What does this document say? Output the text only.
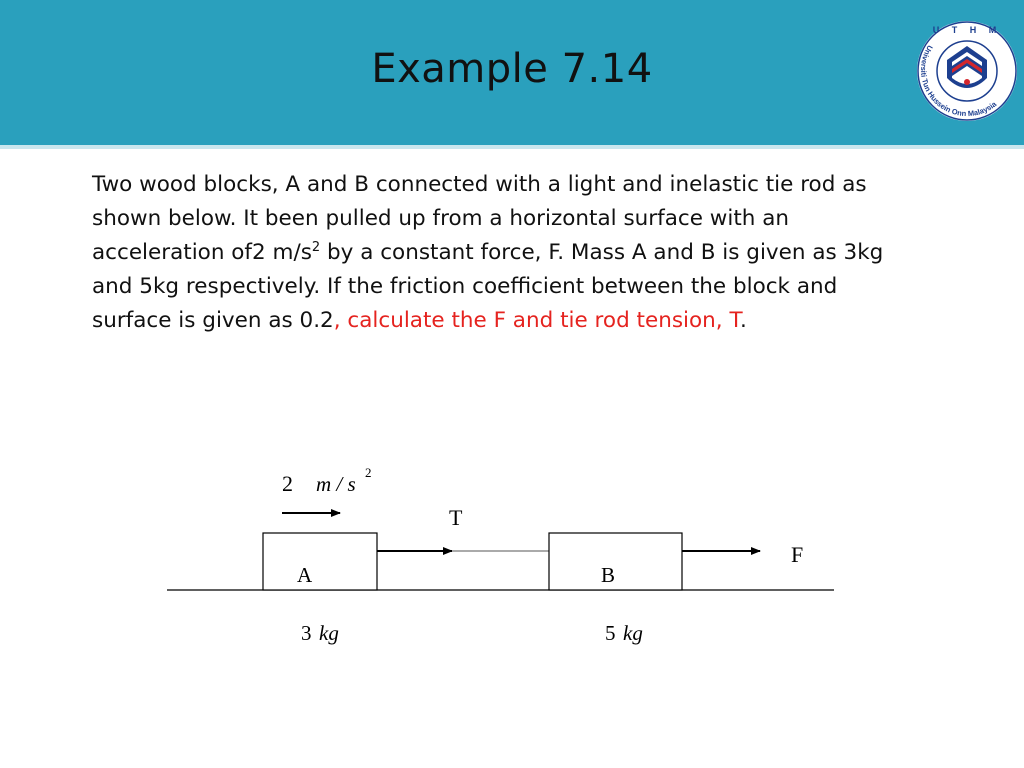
Example 7.14
U T H M
Universiti Tun Hussein Onn Malaysia
Two wood blocks, A and B connected with a light and inelastic tie rod as
shown below. It been pulled up from a horizontal surface with an
acceleration of2 $m/s^2$ by a constant force, F. Mass A and B is given as 3kg
and 5kg respectively. If the friction coefficient between the block and
surface is given as 0.2, calculate the F and tie rod tension, T.
2 m / s 2
A
T
B
F
3 kg	5 kg
